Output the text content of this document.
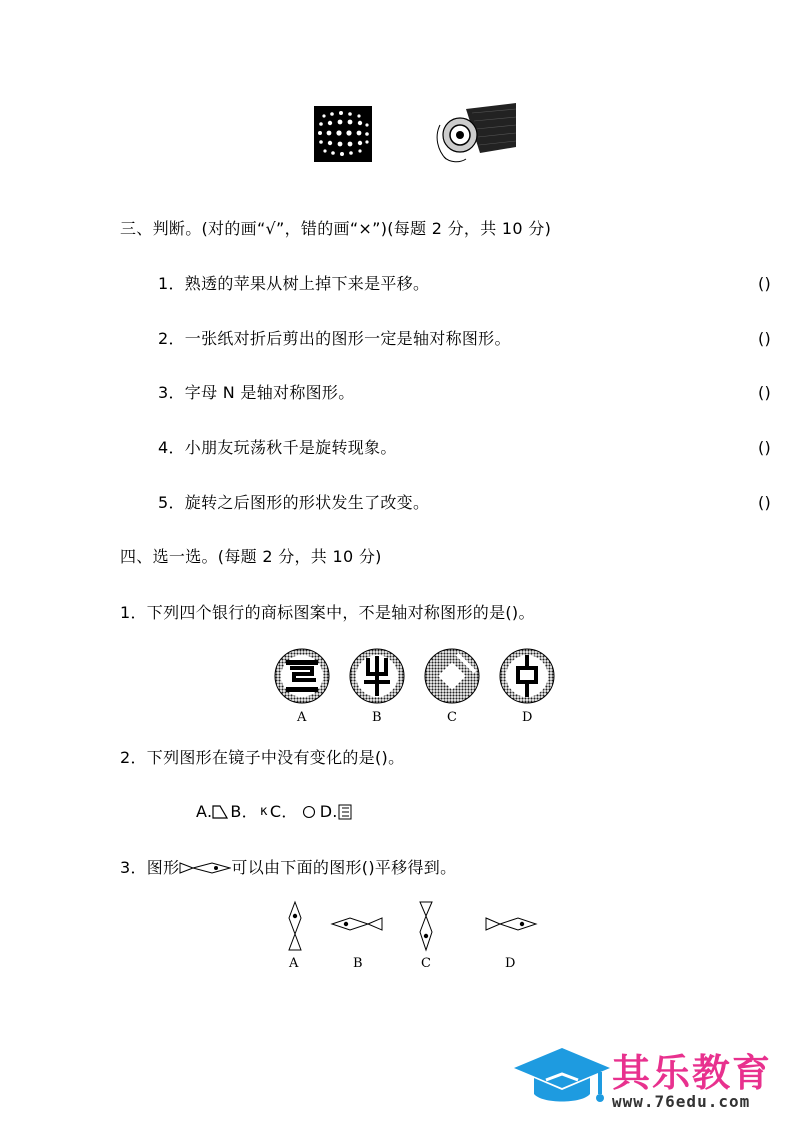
三、判断。(对的画“√”，错的画“×”)(每题 2 分，共 10 分)
1．熟透的苹果从树上掉下来是平移。	()
2．一张纸对折后剪出的图形一定是轴对称图形。	()
3．字母 N 是轴对称图形。	()
4．小朋友玩荡秋千是旋转现象。	()
5．旋转之后图形的形状发生了改变。	()
四、选一选。(每题 2 分，共 10 分)
1．下列四个银行的商标图案中，不是轴对称图形的是()。
A	B	C	D
2．下列图形在镜子中没有变化的是()。
A. B． κ C． D.
3．图形	可以由下面的图形()平移得到。
A	B	C	D
其乐教育
www.76edu.com
